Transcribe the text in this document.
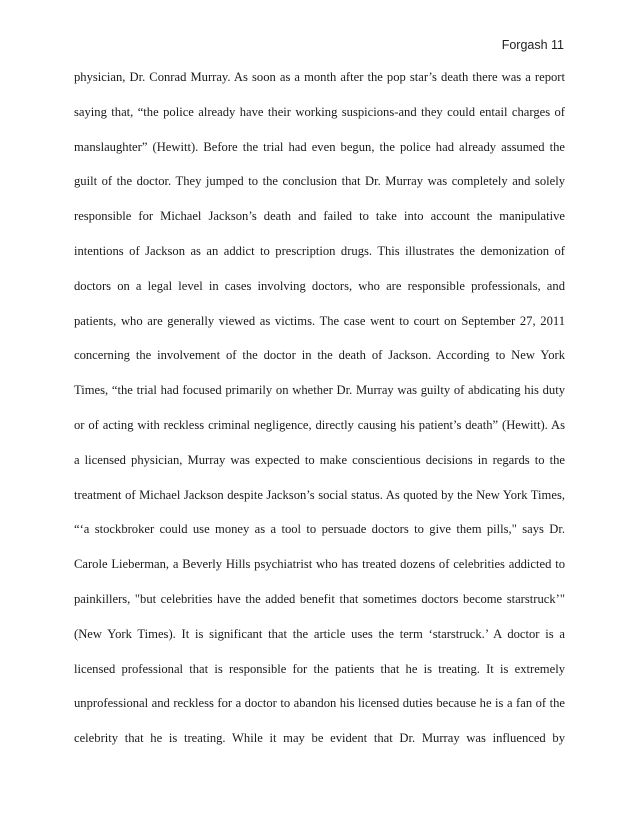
Forgash 11
physician, Dr. Conrad Murray. As soon as a month after the pop star’s death there was a report
saying that, “the police already have their working suspicions-and they could entail charges of
manslaughter” (Hewitt). Before the trial had even begun, the police had already assumed the
guilt of the doctor. They jumped to the conclusion that Dr. Murray was completely and solely
responsible for Michael Jackson’s death and failed to take into account the manipulative
intentions of Jackson as an addict to prescription drugs. This illustrates the demonization of
doctors on a legal level in cases involving doctors, who are responsible professionals, and
patients, who are generally viewed as victims. The case went to court on September 27, 2011
concerning the involvement of the doctor in the death of Jackson. According to New York
Times, “the trial had focused primarily on whether Dr. Murray was guilty of abdicating his duty
or of acting with reckless criminal negligence, directly causing his patient’s death” (Hewitt). As
a licensed physician, Murray was expected to make conscientious decisions in regards to the
treatment of Michael Jackson despite Jackson’s social status. As quoted by the New York Times,
“‘a stockbroker could use money as a tool to persuade doctors to give them pills," says Dr.
Carole Lieberman, a Beverly Hills psychiatrist who has treated dozens of celebrities addicted to
painkillers, "but celebrities have the added benefit that sometimes doctors become starstruck’"
(New York Times). It is significant that the article uses the term ‘starstruck.’ A doctor is a
licensed professional that is responsible for the patients that he is treating. It is extremely
unprofessional and reckless for a doctor to abandon his licensed duties because he is a fan of the
celebrity that he is treating. While it may be evident that Dr. Murray was influenced by
